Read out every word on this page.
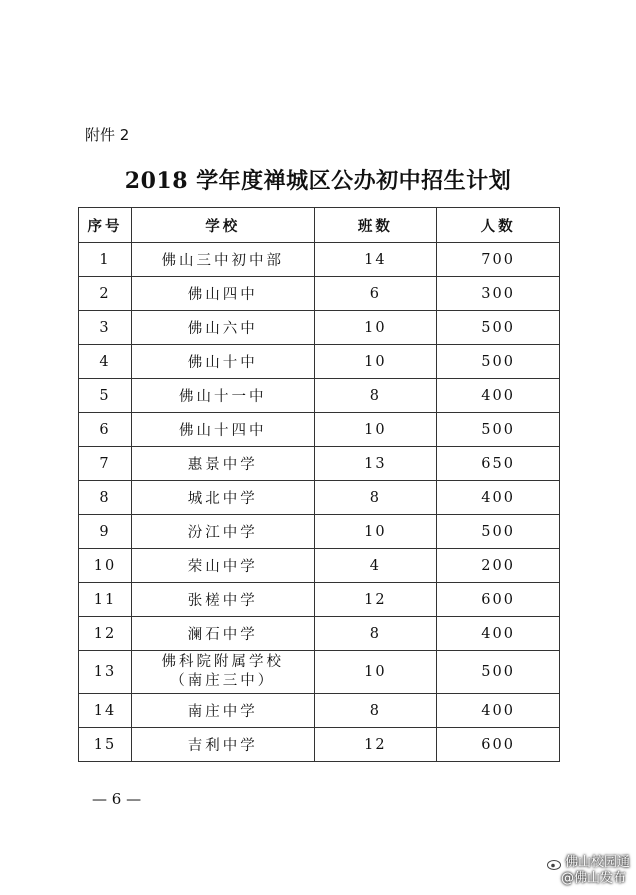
附件 2
2018 学年度禅城区公办初中招生计划
序号	学校	班数	人数
1	佛山三中初中部	14	700
2	佛山四中	6	300
3	佛山六中	10	500
4	佛山十中	10	500
5	佛山十一中	8	400
6	佛山十四中	10	500
7	惠景中学	13	650
8	城北中学	8	400
9	汾江中学	10	500
10	荣山中学	4	200
11	张槎中学	12	600
12	澜石中学	8	400
13	佛科院附属学校
（南庄三中）	10	500
14	南庄中学	8	400
15	吉利中学	12	600
— 6 —
佛山校园通
@佛山发布
